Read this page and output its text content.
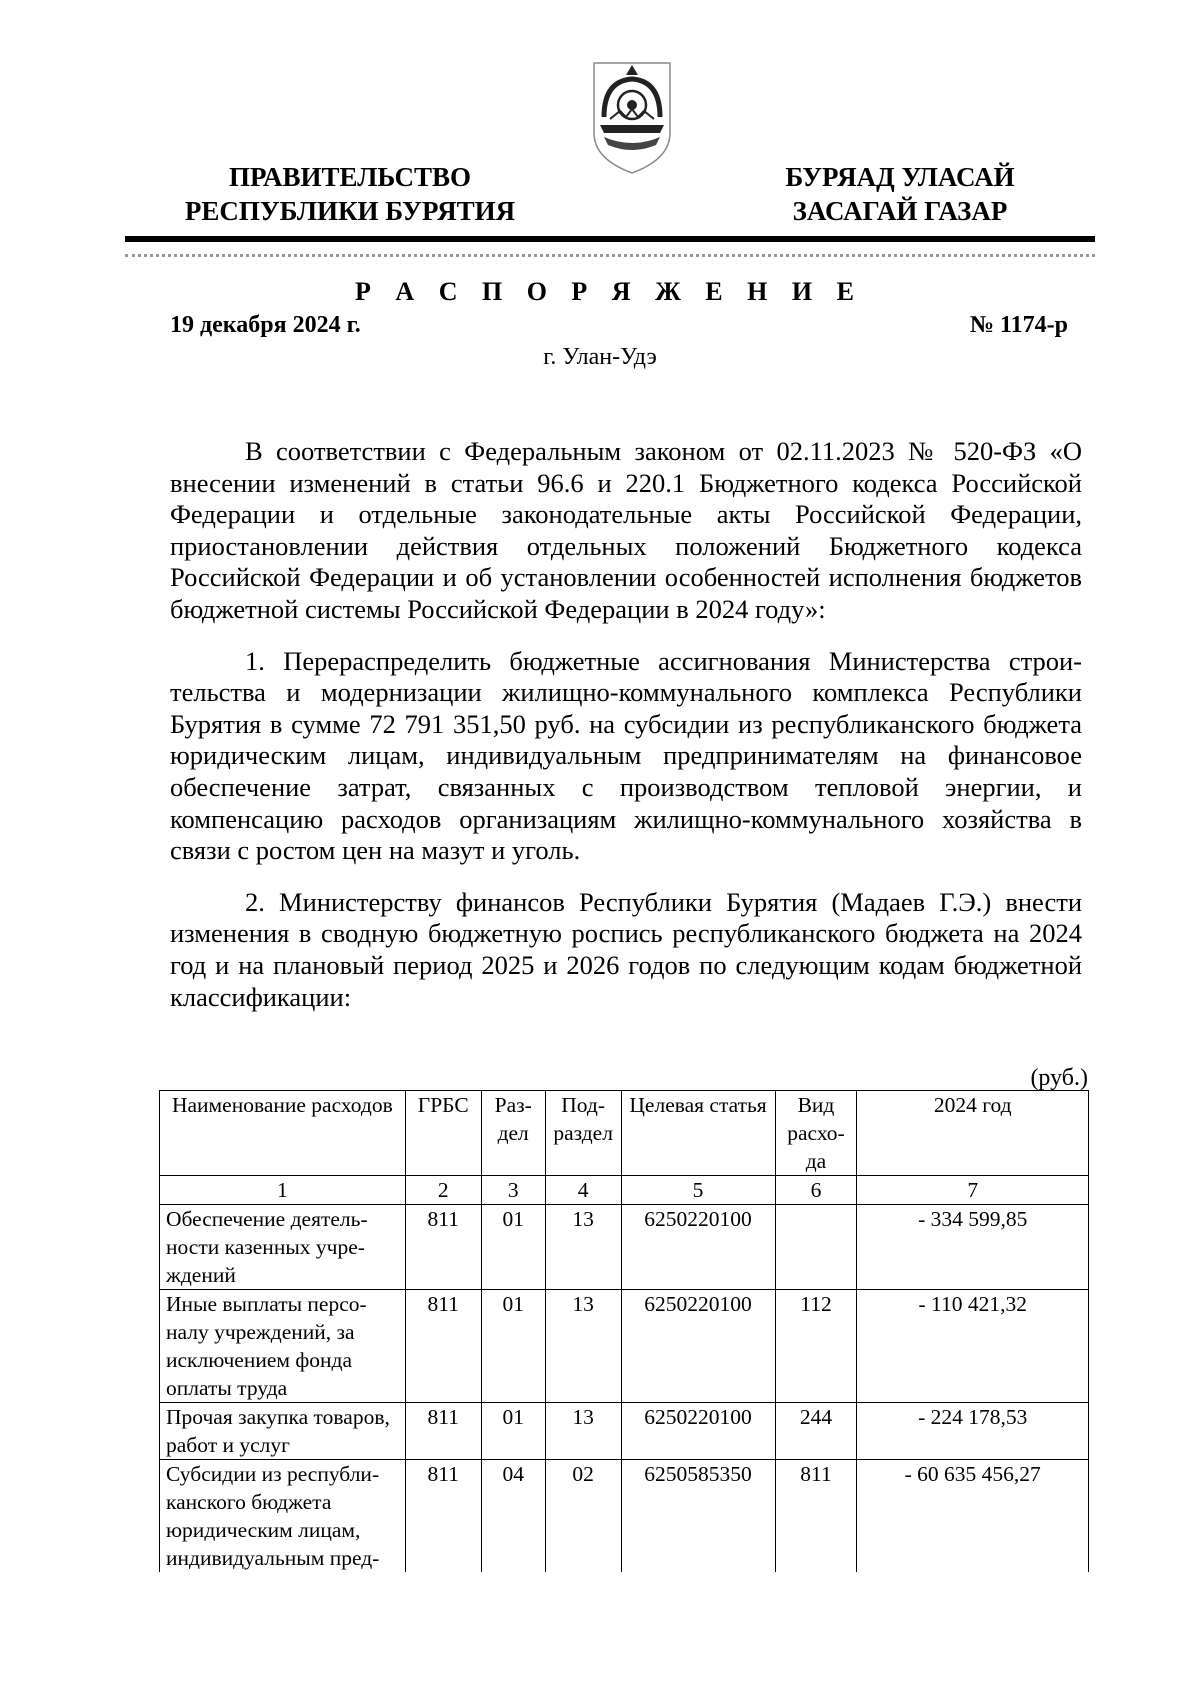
ПРАВИТЕЛЬСТВО
РЕСПУБЛИКИ БУРЯТИЯ
БУРЯАД УЛАСАЙ
ЗАСАГАЙ ГАЗАР
Р А С П О Р Я Ж Е Н И Е
19 декабря 2024 г.	№ 1174-р
г. Улан-Удэ

В соответствии с Федеральным законом от 02.11.2023 № 520-ФЗ «О внесении изменений в статьи 96.6 и 220.1 Бюджетного кодекса Российской Федерации и отдельные законодательные акты Российской Федерации, приостановлении действия отдельных положений Бюджетного кодекса Российской Федерации и об установлении особенностей исполнения бюджетов бюджетной системы Российской Федерации в 2024 году»:

1. Перераспределить бюджетные ассигнования Министерства строительства и модернизации жилищно-коммунального комплекса Республики Бурятия в сумме 72 791 351,50 руб. на субсидии из республиканского бюджета юридическим лицам, индивидуальным предпринимателям на финансовое обеспечение затрат, связанных с производством тепловой энергии, и компенсацию расходов организациям жилищно-коммунального хозяйства в связи с ростом цен на мазут и уголь.

2. Министерству финансов Республики Бурятия (Мадаев Г.Э.) внести изменения в сводную бюджетную роспись республиканского бюджета на 2024 год и на плановый период 2025 и 2026 годов по следующим кодам бюджетной классификации:

(руб.)
Наименование расходов	ГРБС	Раздел	Подраздел	Целевая статья	Вид расхода	2024 год
1	2	3	4	5	6	7
Обеспечение деятельности казенных учреждений	811	01	13	6250220100		- 334 599,85
Иные выплаты персоналу учреждений, за исключением фонда оплаты труда	811	01	13	6250220100	112	- 110 421,32
Прочая закупка товаров, работ и услуг	811	01	13	6250220100	244	- 224 178,53
Субсидии из республиканского бюджета юридическим лицам, индивидуальным пред-	811	04	02	6250585350	811	- 60 635 456,27
